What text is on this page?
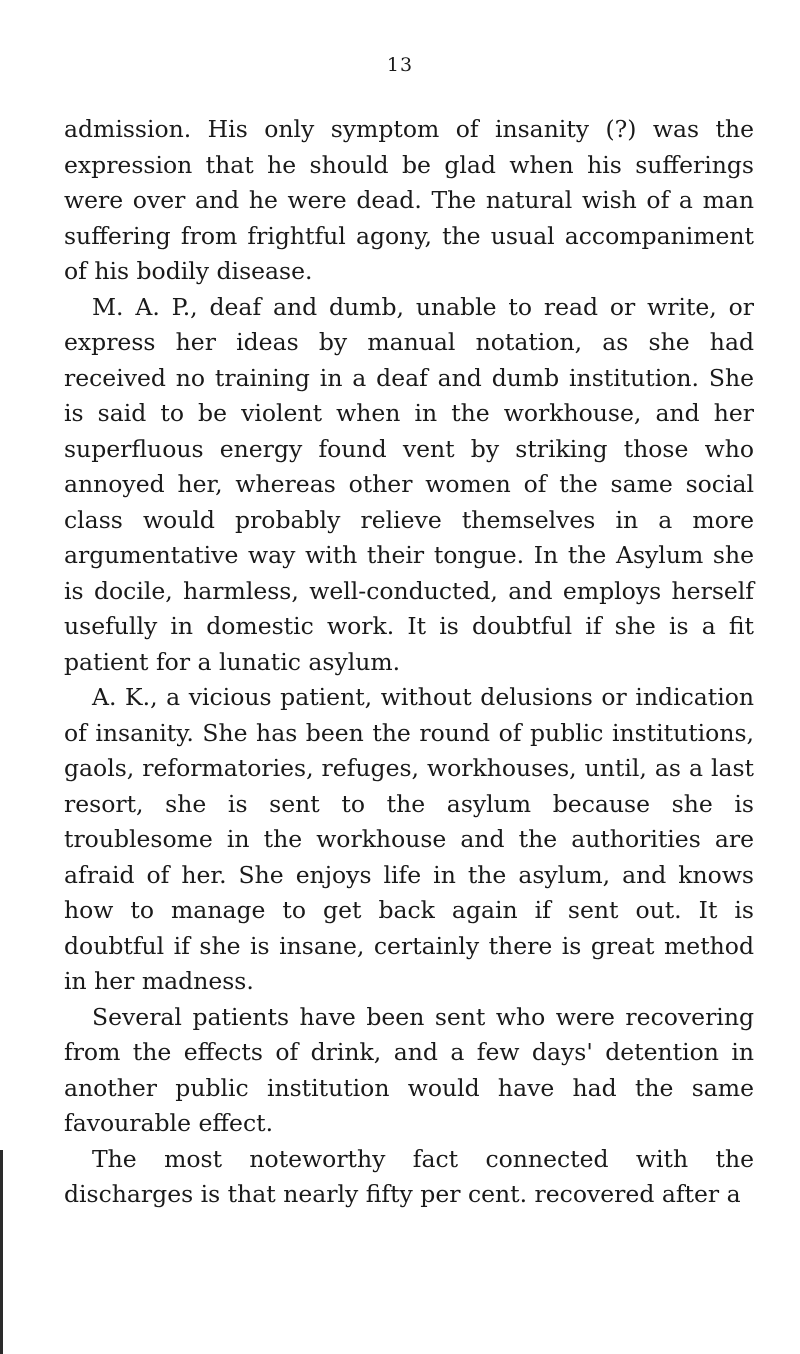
13

admission. His only symptom of insanity (?) was the expression that he should be glad when his sufferings were over and he were dead. The natural wish of a man suffering from frightful agony, the usual accompaniment of his bodily disease.

M. A. P., deaf and dumb, unable to read or write, or express her ideas by manual notation, as she had received no training in a deaf and dumb institution. She is said to be violent when in the workhouse, and her superfluous energy found vent by striking those who annoyed her, whereas other women of the same social class would probably relieve themselves in a more argumentative way with their tongue. In the Asylum she is docile, harmless, well-conducted, and employs herself usefully in domestic work. It is doubtful if she is a fit patient for a lunatic asylum.

A. K., a vicious patient, without delusions or indication of insanity. She has been the round of public institutions, gaols, reformatories, refuges, workhouses, until, as a last resort, she is sent to the asylum because she is troublesome in the workhouse and the authorities are afraid of her. She enjoys life in the asylum, and knows how to manage to get back again if sent out. It is doubtful if she is insane, certainly there is great method in her madness.

Several patients have been sent who were recovering from the effects of drink, and a few days' detention in another public institution would have had the same favourable effect.

The most noteworthy fact connected with the discharges is that nearly fifty per cent. recovered after a
